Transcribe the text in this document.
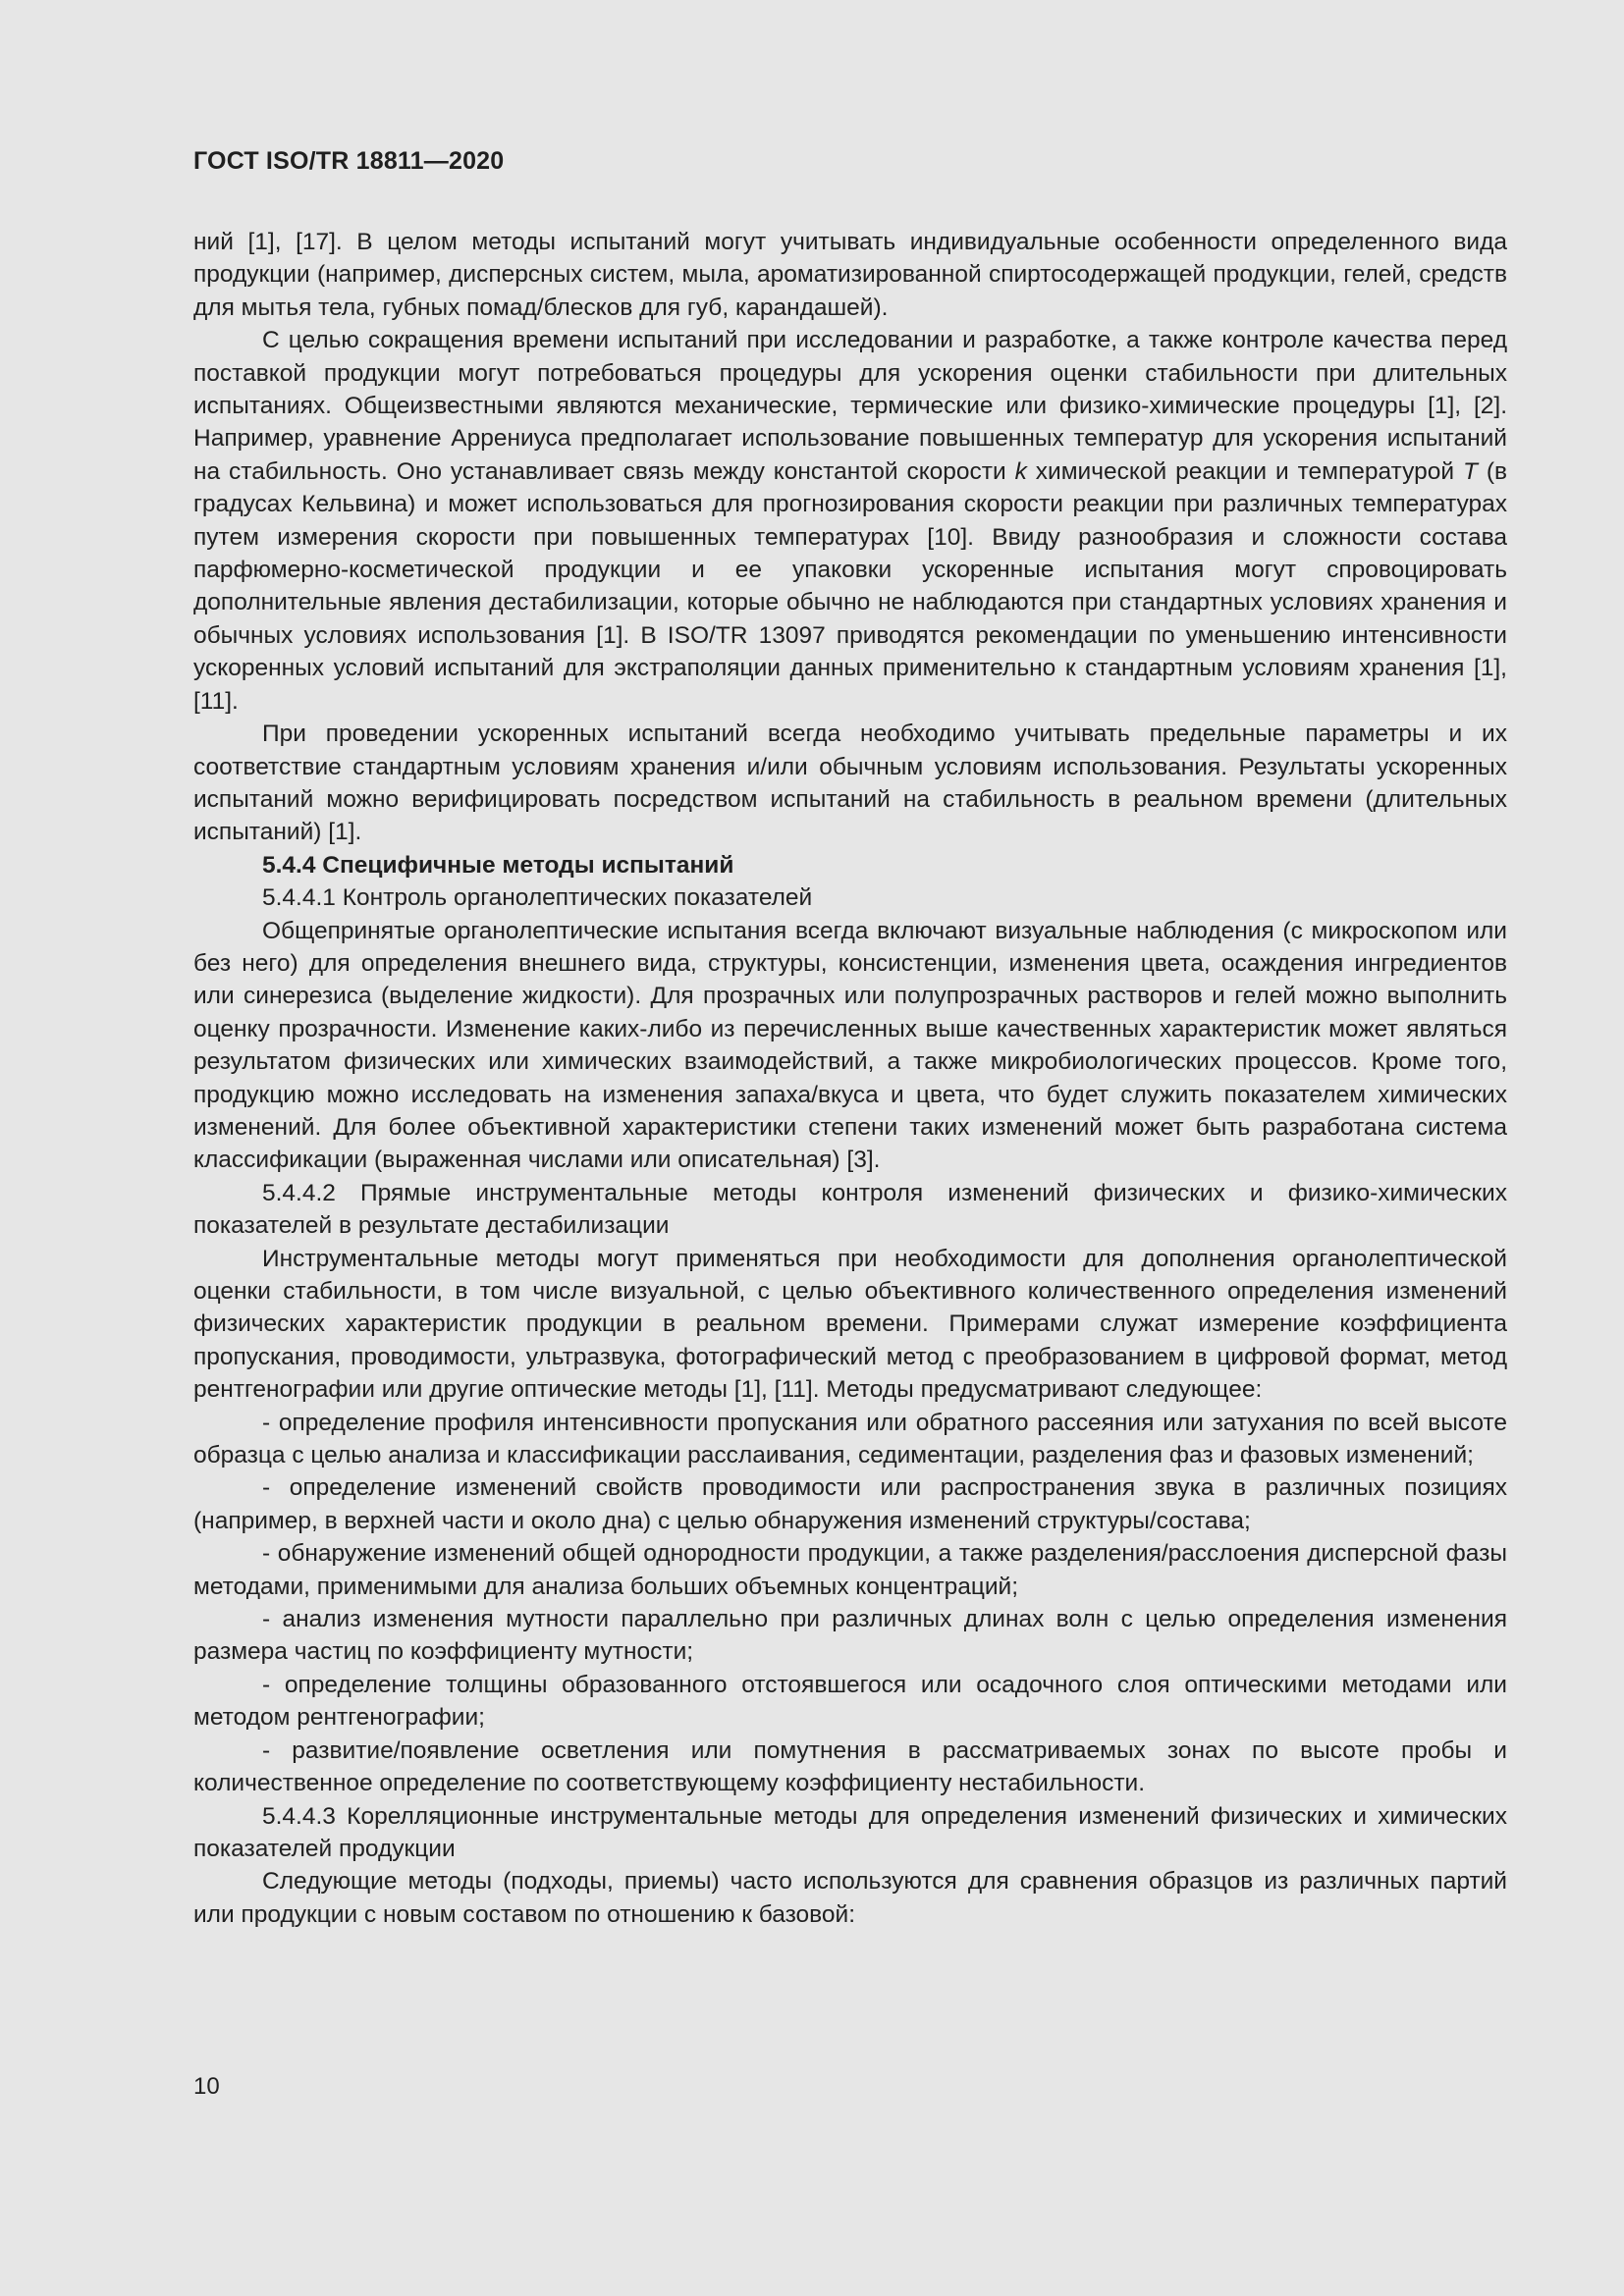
ГОСТ ISO/TR 18811—2020

ний [1], [17]. В целом методы испытаний могут учитывать индивидуальные особенности определенного вида продукции (например, дисперсных систем, мыла, ароматизированной спиртосодержащей продукции, гелей, средств для мытья тела, губных помад/блесков для губ, карандашей).

С целью сокращения времени испытаний при исследовании и разработке, а также контроле качества перед поставкой продукции могут потребоваться процедуры для ускорения оценки стабильности при длительных испытаниях. Общеизвестными являются механические, термические или физико-химические процедуры [1], [2]. Например, уравнение Аррениуса предполагает использование повышенных температур для ускорения испытаний на стабильность. Оно устанавливает связь между константой скорости k химической реакции и температурой T (в градусах Кельвина) и может использоваться для прогнозирования скорости реакции при различных температурах путем измерения скорости при повышенных температурах [10]. Ввиду разнообразия и сложности состава парфюмерно-косметической продукции и ее упаковки ускоренные испытания могут спровоцировать дополнительные явления дестабилизации, которые обычно не наблюдаются при стандартных условиях хранения и обычных условиях использования [1]. В ISO/TR 13097 приводятся рекомендации по уменьшению интенсивности ускоренных условий испытаний для экстраполяции данных применительно к стандартным условиям хранения [1], [11].

При проведении ускоренных испытаний всегда необходимо учитывать предельные параметры и их соответствие стандартным условиям хранения и/или обычным условиям использования. Результаты ускоренных испытаний можно верифицировать посредством испытаний на стабильность в реальном времени (длительных испытаний) [1].

5.4.4 Специфичные методы испытаний

5.4.4.1 Контроль органолептических показателей

Общепринятые органолептические испытания всегда включают визуальные наблюдения (с микроскопом или без него) для определения внешнего вида, структуры, консистенции, изменения цвета, осаждения ингредиентов или синерезиса (выделение жидкости). Для прозрачных или полупрозрачных растворов и гелей можно выполнить оценку прозрачности. Изменение каких-либо из перечисленных выше качественных характеристик может являться результатом физических или химических взаимодействий, а также микробиологических процессов. Кроме того, продукцию можно исследовать на изменения запаха/вкуса и цвета, что будет служить показателем химических изменений. Для более объективной характеристики степени таких изменений может быть разработана система классификации (выраженная числами или описательная) [3].

5.4.4.2 Прямые инструментальные методы контроля изменений физических и физико-химических показателей в результате дестабилизации

Инструментальные методы могут применяться при необходимости для дополнения органолептической оценки стабильности, в том числе визуальной, с целью объективного количественного определения изменений физических характеристик продукции в реальном времени. Примерами служат измерение коэффициента пропускания, проводимости, ультразвука, фотографический метод с преобразованием в цифровой формат, метод рентгенографии или другие оптические методы [1], [11]. Методы предусматривают следующее:

- определение профиля интенсивности пропускания или обратного рассеяния или затухания по всей высоте образца с целью анализа и классификации расслаивания, седиментации, разделения фаз и фазовых изменений;

- определение изменений свойств проводимости или распространения звука в различных позициях (например, в верхней части и около дна) с целью обнаружения изменений структуры/состава;

- обнаружение изменений общей однородности продукции, а также разделения/расслоения дисперсной фазы методами, применимыми для анализа больших объемных концентраций;

- анализ изменения мутности параллельно при различных длинах волн с целью определения изменения размера частиц по коэффициенту мутности;

- определение толщины образованного отстоявшегося или осадочного слоя оптическими методами или методом рентгенографии;

- развитие/появление осветления или помутнения в рассматриваемых зонах по высоте пробы и количественное определение по соответствующему коэффициенту нестабильности.

5.4.4.3 Корелляционные инструментальные методы для определения изменений физических и химических показателей продукции

Следующие методы (подходы, приемы) часто используются для сравнения образцов из различных партий или продукции с новым составом по отношению к базовой:

10
